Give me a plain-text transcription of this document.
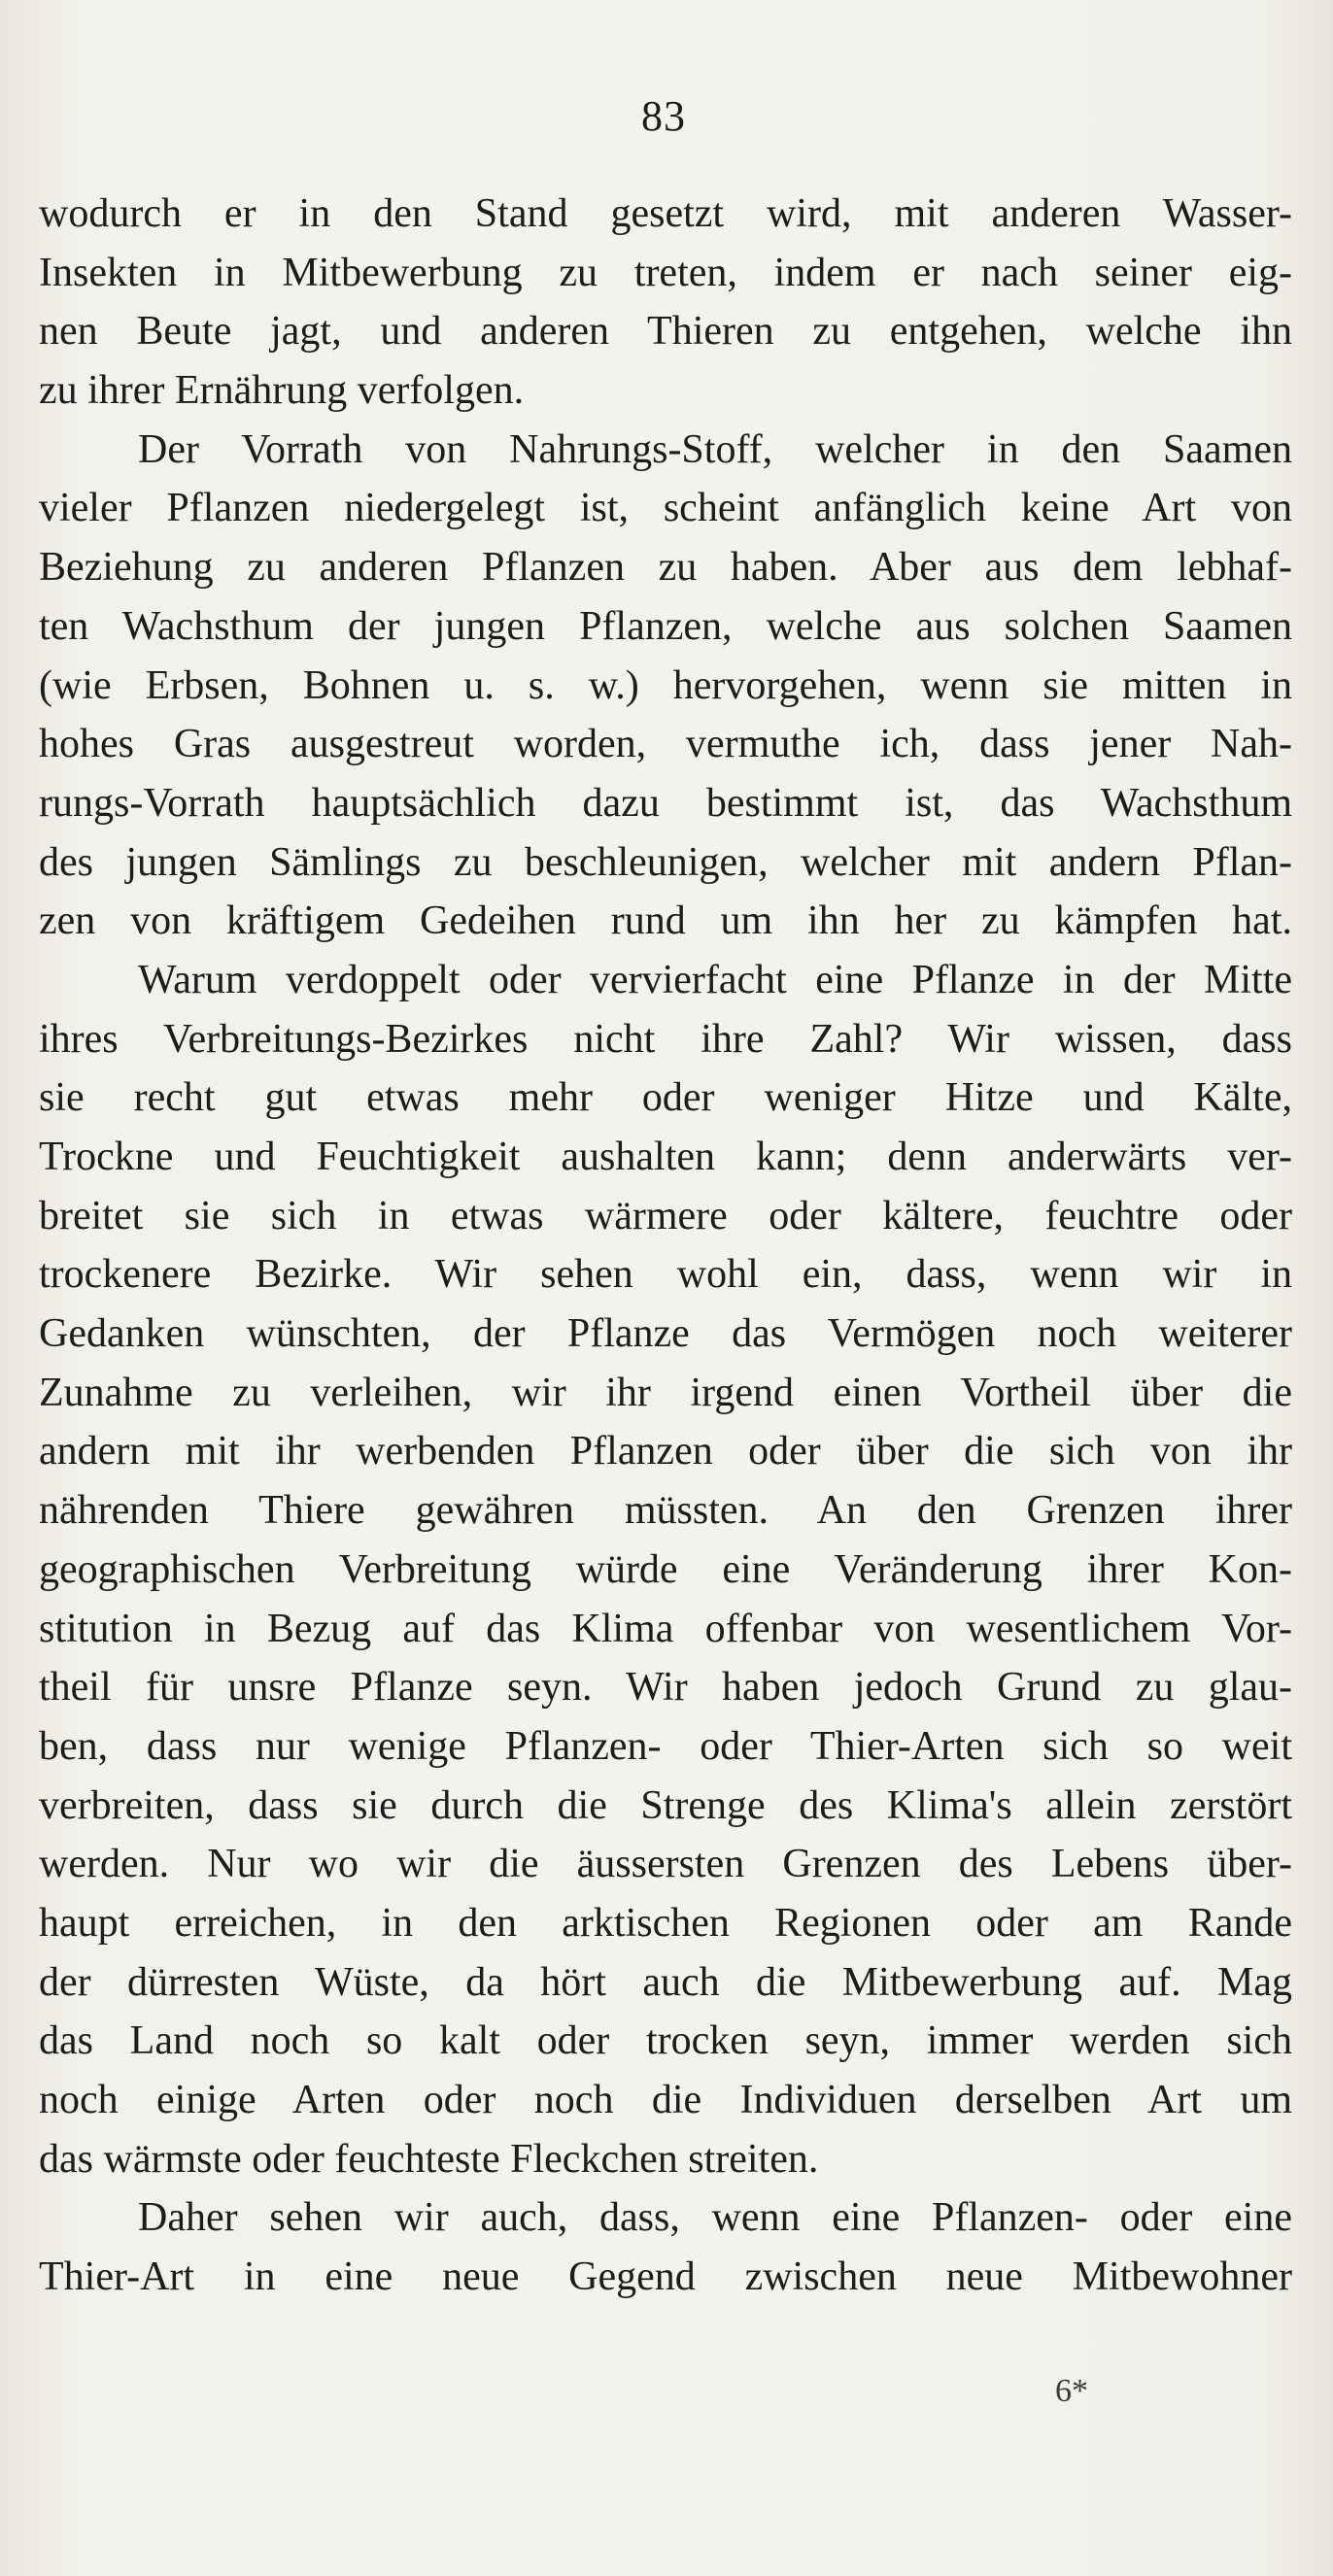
83
wodurch er in den Stand gesetzt wird, mit anderen Wasser-
Insekten in Mitbewerbung zu treten, indem er nach seiner eig-
nen Beute jagt, und anderen Thieren zu entgehen, welche ihn
zu ihrer Ernährung verfolgen.
Der Vorrath von Nahrungs-Stoff, welcher in den Saamen
vieler Pflanzen niedergelegt ist, scheint anfänglich keine Art von
Beziehung zu anderen Pflanzen zu haben. Aber aus dem lebhaf-
ten Wachsthum der jungen Pflanzen, welche aus solchen Saamen
(wie Erbsen, Bohnen u. s. w.) hervorgehen, wenn sie mitten in
hohes Gras ausgestreut worden, vermuthe ich, dass jener Nah-
rungs-Vorrath hauptsächlich dazu bestimmt ist, das Wachsthum
des jungen Sämlings zu beschleunigen, welcher mit andern Pflan-
zen von kräftigem Gedeihen rund um ihn her zu kämpfen hat.
Warum verdoppelt oder vervierfacht eine Pflanze in der Mitte
ihres Verbreitungs-Bezirkes nicht ihre Zahl? Wir wissen, dass
sie recht gut etwas mehr oder weniger Hitze und Kälte,
Trockne und Feuchtigkeit aushalten kann; denn anderwärts ver-
breitet sie sich in etwas wärmere oder kältere, feuchtre oder
trockenere Bezirke. Wir sehen wohl ein, dass, wenn wir in
Gedanken wünschten, der Pflanze das Vermögen noch weiterer
Zunahme zu verleihen, wir ihr irgend einen Vortheil über die
andern mit ihr werbenden Pflanzen oder über die sich von ihr
nährenden Thiere gewähren müssten. An den Grenzen ihrer
geographischen Verbreitung würde eine Veränderung ihrer Kon-
stitution in Bezug auf das Klima offenbar von wesentlichem Vor-
theil für unsre Pflanze seyn. Wir haben jedoch Grund zu glau-
ben, dass nur wenige Pflanzen- oder Thier-Arten sich so weit
verbreiten, dass sie durch die Strenge des Klima's allein zerstört
werden. Nur wo wir die äussersten Grenzen des Lebens über-
haupt erreichen, in den arktischen Regionen oder am Rande
der dürresten Wüste, da hört auch die Mitbewerbung auf. Mag
das Land noch so kalt oder trocken seyn, immer werden sich
noch einige Arten oder noch die Individuen derselben Art um
das wärmste oder feuchteste Fleckchen streiten.
Daher sehen wir auch, dass, wenn eine Pflanzen- oder eine
Thier-Art in eine neue Gegend zwischen neue Mitbewohner
6*
